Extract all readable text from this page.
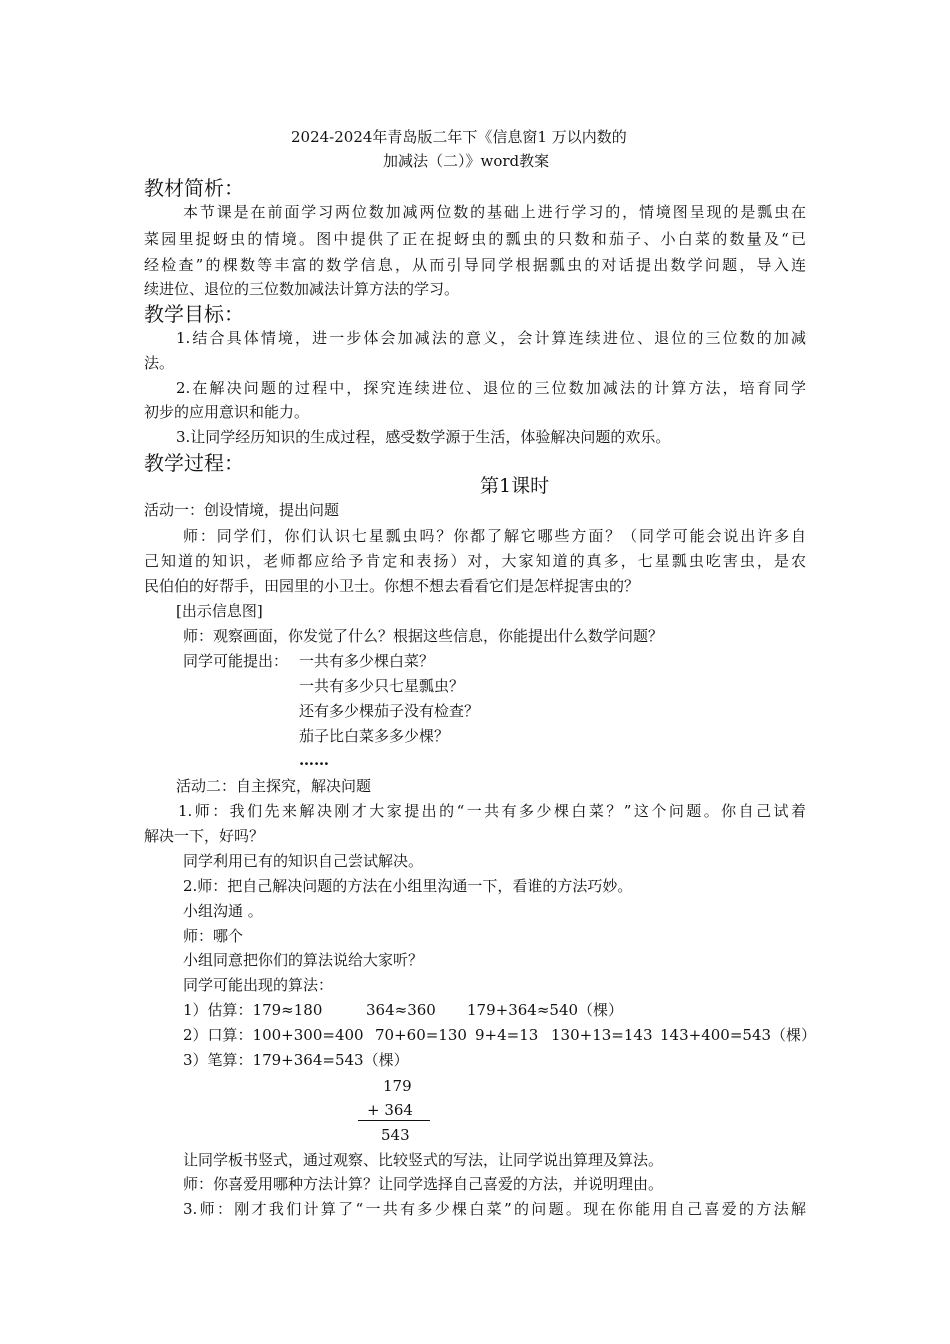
2024-2024年青岛版二年下《信息窗1 万以内数的
加减法（二）》word教案
教材简析：
本节课是在前面学习两位数加减两位数的基础上进行学习的，情境图呈现的是瓢虫在
菜园里捉蚜虫的情境。图中提供了正在捉蚜虫的瓢虫的只数和茄子、小白菜的数量及“已
经检查”的棵数等丰富的数学信息，从而引导同学根据瓢虫的对话提出数学问题，导入连
续进位、退位的三位数加减法计算方法的学习。
教学目标：
1.结合具体情境，进一步体会加减法的意义，会计算连续进位、退位的三位数的加减
法。
2.在解决问题的过程中，探究连续进位、退位的三位数加减法的计算方法，培育同学
初步的应用意识和能力。
3.让同学经历知识的生成过程，感受数学源于生活，体验解决问题的欢乐。
教学过程：
第1课时
活动一：创设情境，提出问题
师：同学们，你们认识七星瓢虫吗？你都了解它哪些方面？（同学可能会说出许多自
己知道的知识，老师都应给予肯定和表扬）对，大家知道的真多，七星瓢虫吃害虫，是农
民伯伯的好帮手，田园里的小卫士。你想不想去看看它们是怎样捉害虫的？
[出示信息图]
师：观察画面，你发觉了什么？根据这些信息，你能提出什么数学问题？
同学可能提出： 一共有多少棵白菜？
一共有多少只七星瓢虫？
还有多少棵茄子没有检查？
茄子比白菜多多少棵？
……
活动二：自主探究，解决问题
1.师：我们先来解决刚才大家提出的“一共有多少棵白菜？”这个问题。你自己试着
解决一下，好吗？
同学利用已有的知识自己尝试解决。
2.师：把自己解决问题的方法在小组里沟通一下，看谁的方法巧妙。
小组沟通 。
师：哪个
小组同意把你们的算法说给大家听？
同学可能出现的算法：
1）估算：179≈180	364≈360 179+364≈540（棵）
2）口算：100+300=400 70+60=130 9+4=13 130+13=143 143+400=543（棵）
3）笔算：179+364=543（棵）
179
+ 364
543
让同学板书竖式，通过观察、比较竖式的写法，让同学说出算理及算法。
师：你喜爱用哪种方法计算？让同学选择自己喜爱的方法，并说明理由。
3.师：刚才我们计算了“一共有多少棵白菜”的问题。现在你能用自己喜爱的方法解
